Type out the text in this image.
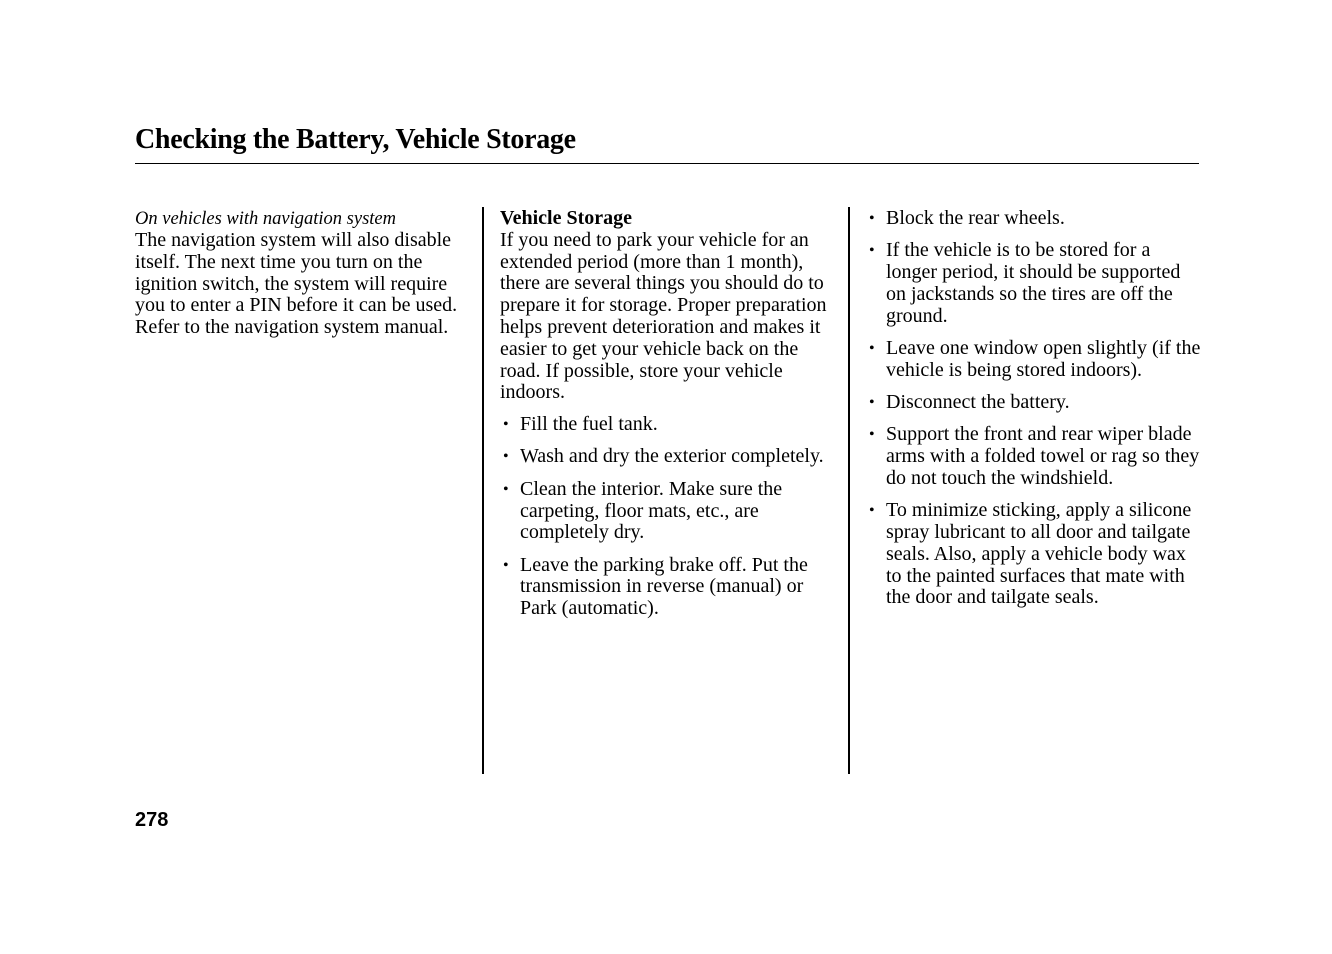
Checking the Battery, Vehicle Storage

On vehicles with navigation system

The navigation system will also disable itself. The next time you turn on the ignition switch, the system will require you to enter a PIN before it can be used. Refer to the navigation system manual.

Vehicle Storage

If you need to park your vehicle for an extended period (more than 1 month), there are several things you should do to prepare it for storage. Proper preparation helps prevent deterioration and makes it easier to get your vehicle back on the road. If possible, store your vehicle indoors.

• Fill the fuel tank.
• Wash and dry the exterior completely.
• Clean the interior. Make sure the carpeting, floor mats, etc., are completely dry.
• Leave the parking brake off. Put the transmission in reverse (manual) or Park (automatic).
• Block the rear wheels.
• If the vehicle is to be stored for a longer period, it should be supported on jackstands so the tires are off the ground.
• Leave one window open slightly (if the vehicle is being stored indoors).
• Disconnect the battery.
• Support the front and rear wiper blade arms with a folded towel or rag so they do not touch the windshield.
• To minimize sticking, apply a silicone spray lubricant to all door and tailgate seals. Also, apply a vehicle body wax to the painted surfaces that mate with the door and tailgate seals.

278
